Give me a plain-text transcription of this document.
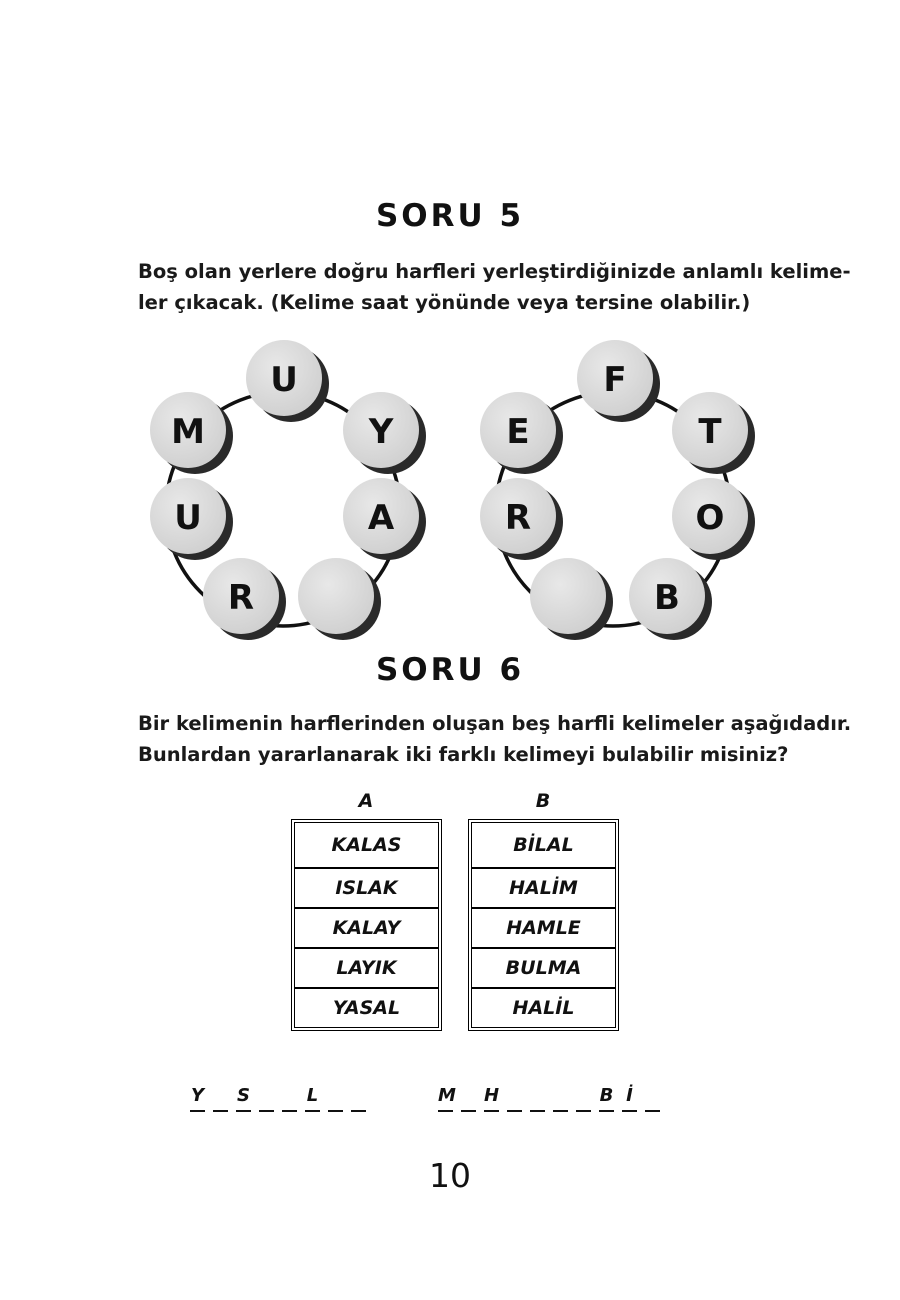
SORU 5
Boş olan yerlere doğru harfleri yerleştirdiğinizde anlamlı kelime-
ler çıkacak. (Kelime saat yönünde veya tersine olabilir.)
U
Y
A
R
U
M
F
T
O
B
R
E
SORU 6
Bir kelimenin harflerinden oluşan beş harfli kelimeler aşağıdadır.
Bunlardan yararlanarak iki farklı kelimeyi bulabilir misiniz?
A	B
KALAS
ISLAK
KALAY
LAYIK
YASAL
BİLAL
HALİM
HAMLE
BULMA
HALİL
Y S	L	M H	B İ
10
